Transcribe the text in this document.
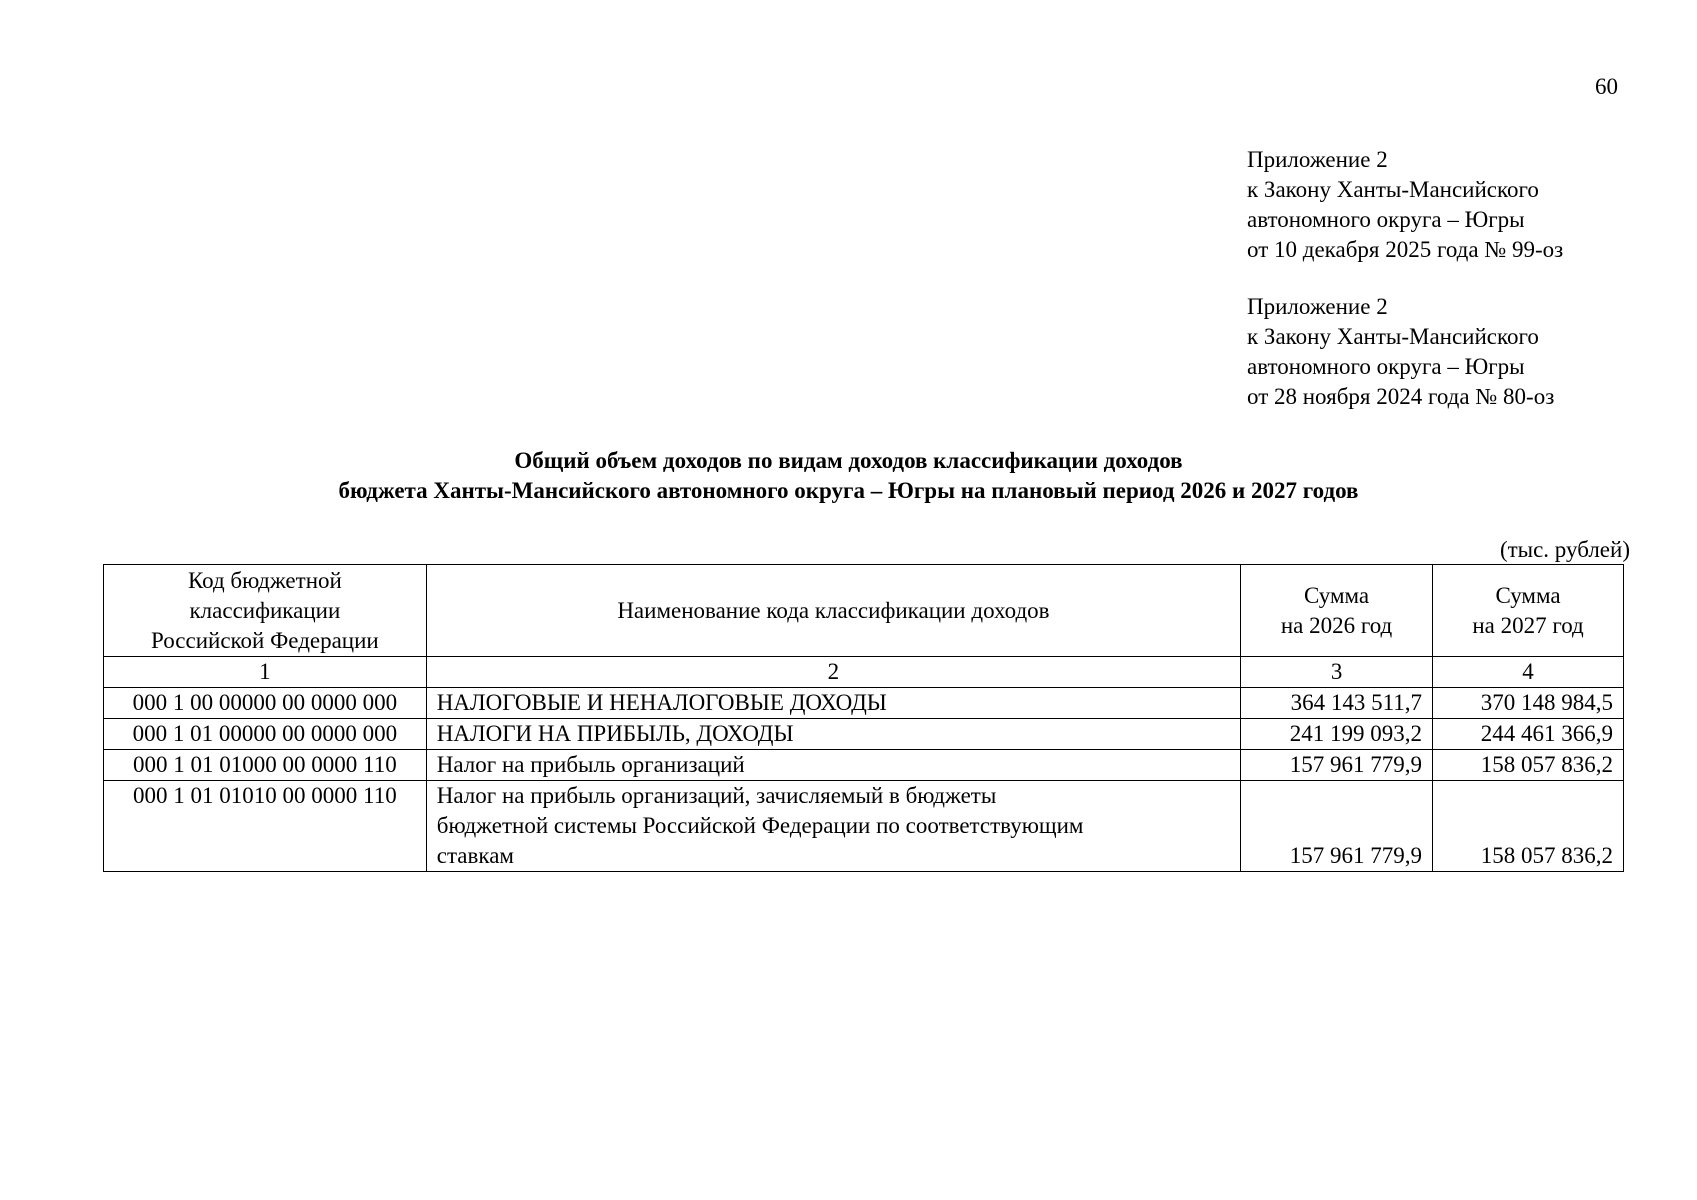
60
Приложение 2
к Закону Ханты-Мансийского
автономного округа – Югры
от 10 декабря 2025 года № 99-оз
Приложение 2
к Закону Ханты-Мансийского
автономного округа – Югры
от 28 ноября 2024 года № 80-оз
Общий объем доходов по видам доходов классификации доходов
бюджета Ханты-Мансийского автономного округа – Югры на плановый период 2026 и 2027 годов
(тыс. рублей)
Код бюджетной
классификации
Российской Федерации	Наименование кода классификации доходов	Сумма
на 2026 год	Сумма
на 2027 год

1	2	3	4
000 1 00 00000 00 0000 000	НАЛОГОВЫЕ И НЕНАЛОГОВЫЕ ДОХОДЫ	364 143 511,7	370 148 984,5
000 1 01 00000 00 0000 000	НАЛОГИ НА ПРИБЫЛЬ, ДОХОДЫ	241 199 093,2	244 461 366,9
000 1 01 01000 00 0000 110	Налог на прибыль организаций	157 961 779,9	158 057 836,2
000 1 01 01010 00 0000 110	Налог на прибыль организаций, зачисляемый в бюджеты
бюджетной системы Российской Федерации по соответствующим
ставкам	157 961 779,9	158 057 836,2
